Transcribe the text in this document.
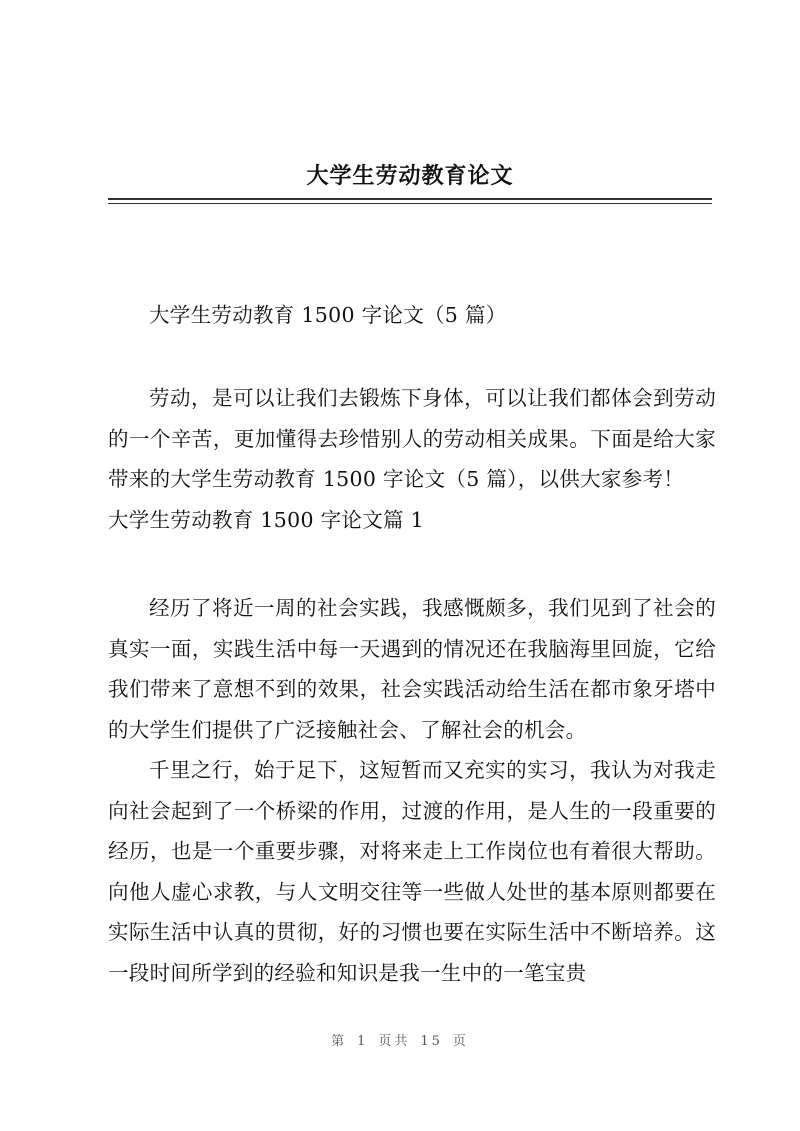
大学生劳动教育论文

大学生劳动教育 1500 字论文（5 篇）

劳动，是可以让我们去锻炼下身体，可以让我们都体会到劳动的一个辛苦，更加懂得去珍惜别人的劳动相关成果。下面是给大家带来的大学生劳动教育 1500 字论文（5 篇），以供大家参考！
大学生劳动教育 1500 字论文篇 1

经历了将近一周的社会实践，我感慨颇多，我们见到了社会的真实一面，实践生活中每一天遇到的情况还在我脑海里回旋，它给我们带来了意想不到的效果，社会实践活动给生活在都市象牙塔中的大学生们提供了广泛接触社会、了解社会的机会。

千里之行，始于足下，这短暂而又充实的实习，我认为对我走向社会起到了一个桥梁的作用，过渡的作用，是人生的一段重要的经历，也是一个重要步骤，对将来走上工作岗位也有着很大帮助。向他人虚心求教，与人文明交往等一些做人处世的基本原则都要在实际生活中认真的贯彻，好的习惯也要在实际生活中不断培养。这一段时间所学到的经验和知识是我一生中的一笔宝贵

第 1 页共 15 页
